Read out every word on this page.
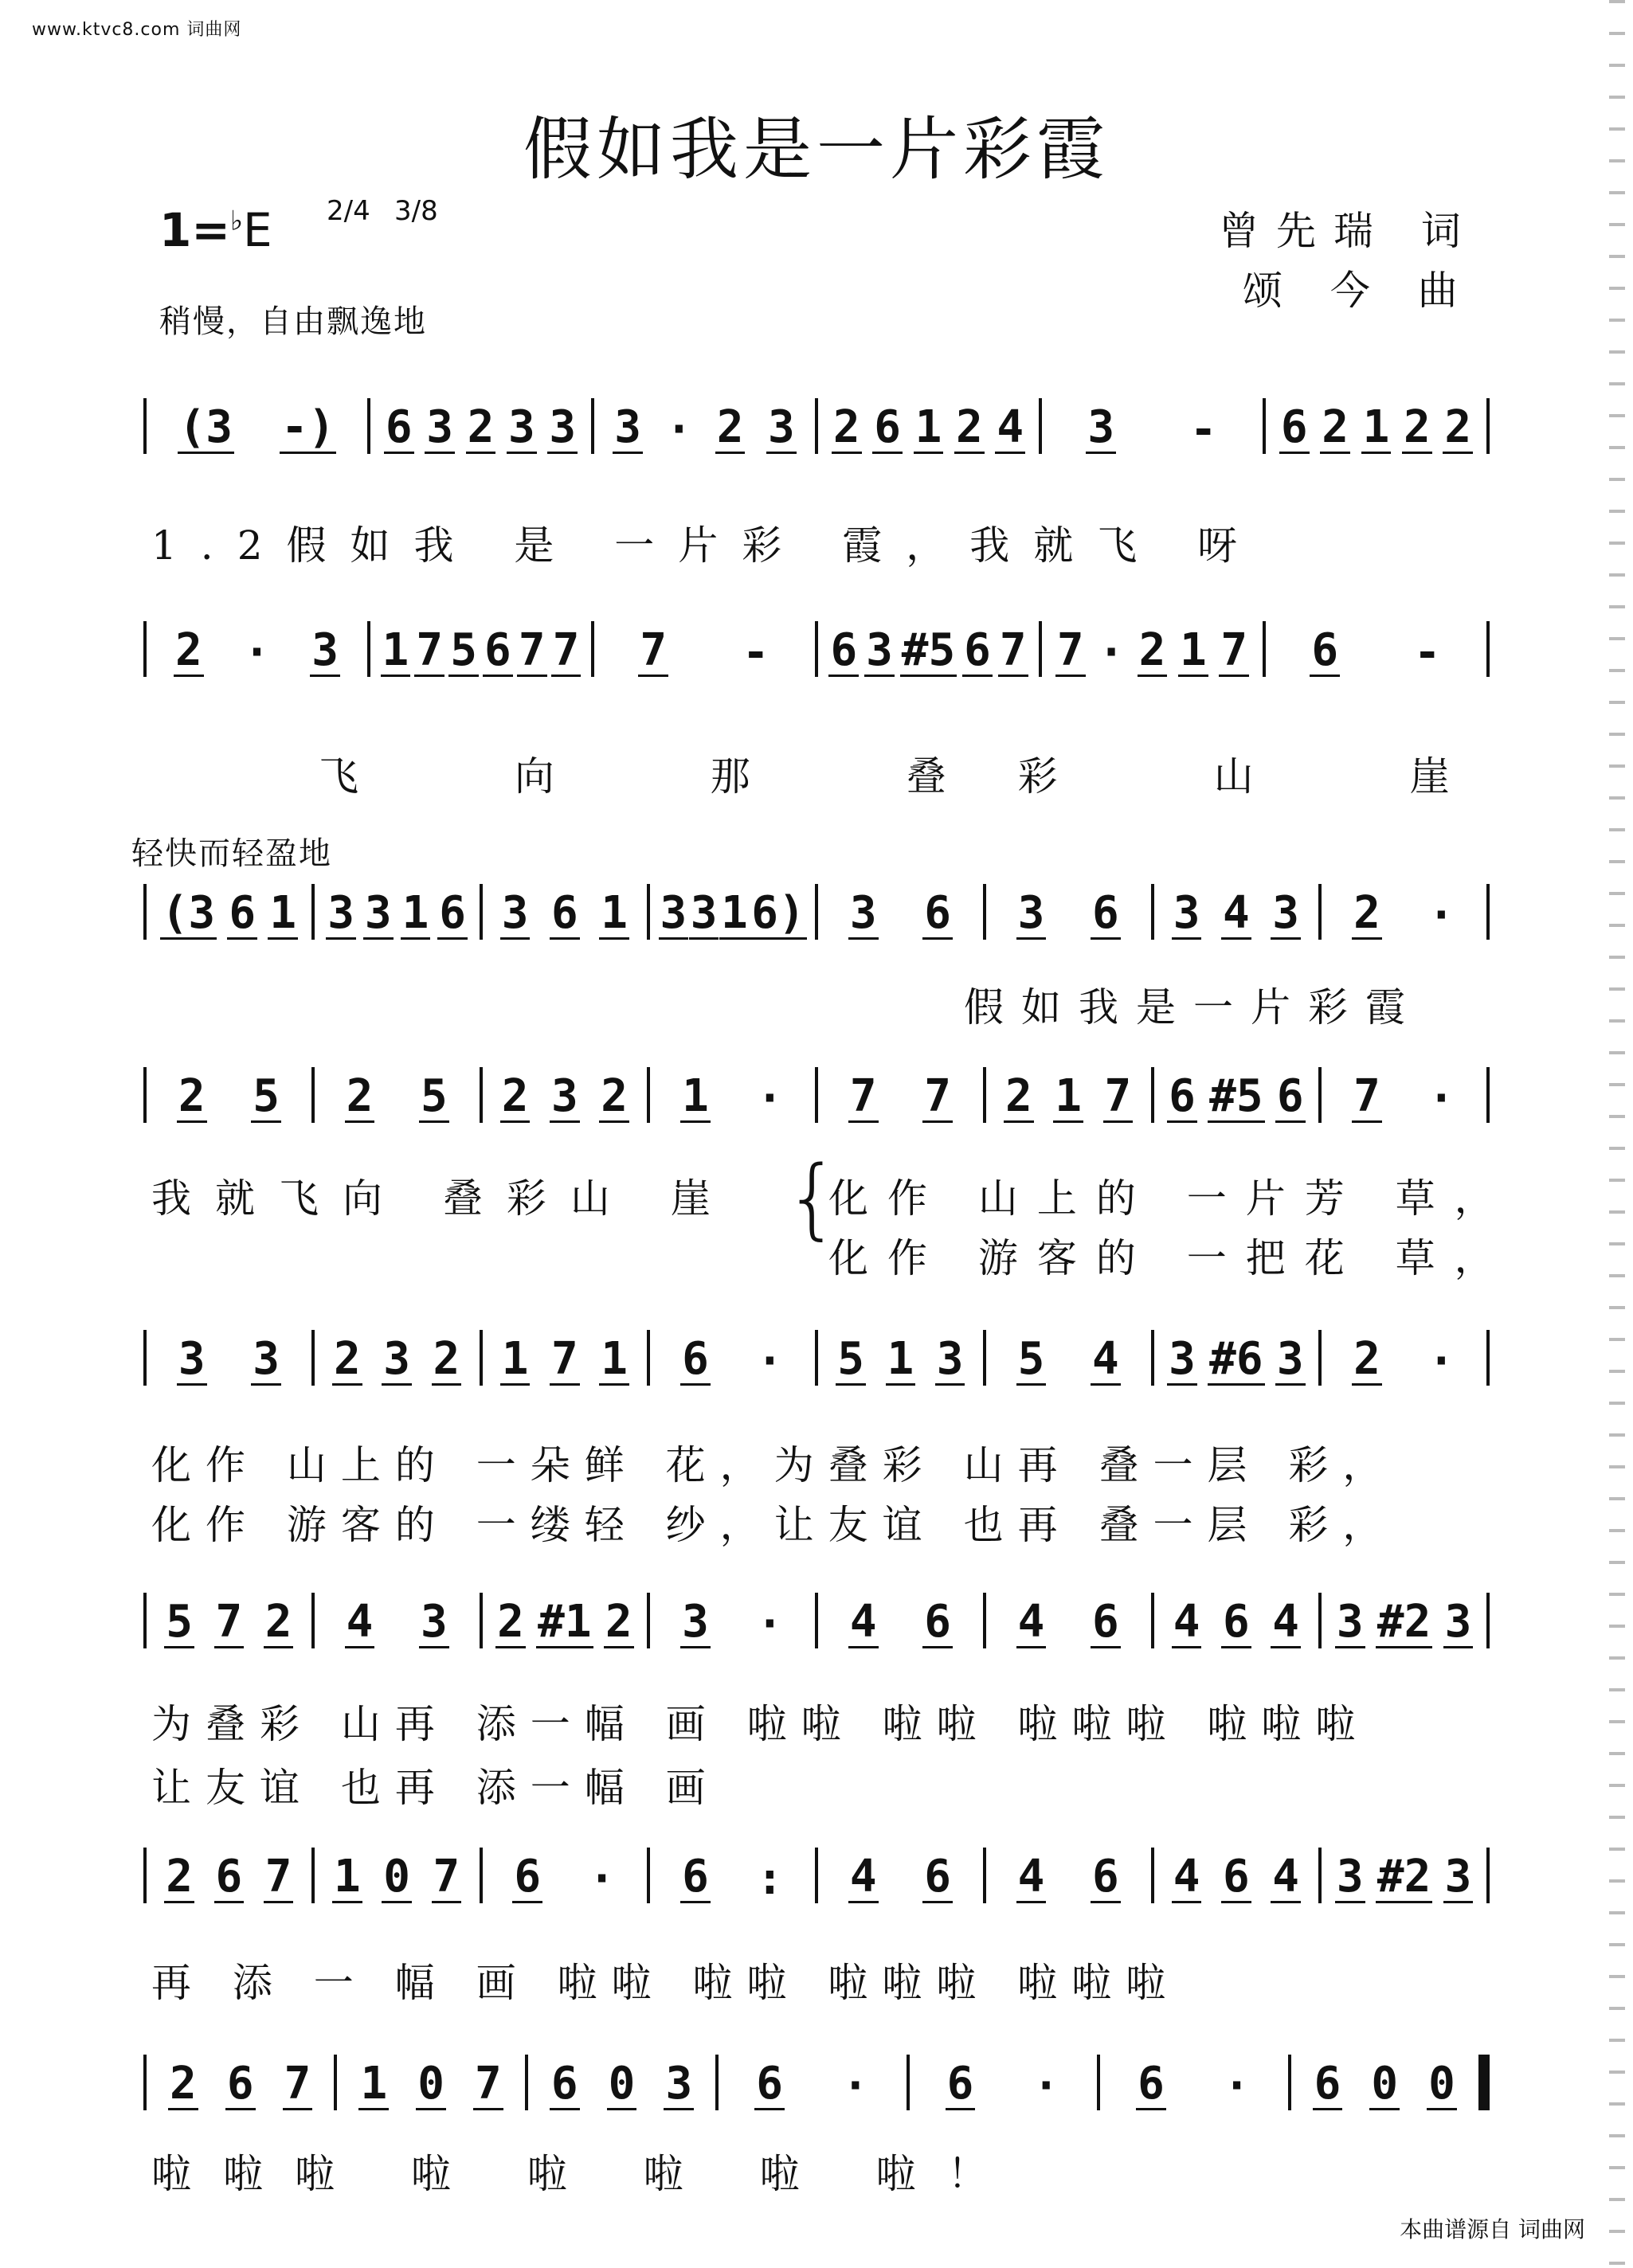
www.ktvc8.com 词曲网
假如我是一片彩霞
曾先瑞 词
颂 今 曲
1=♭E 2/4 3/8
稍慢，自由飘逸地
轻快而轻盈地
(3 -) 6 3 2 3 3 3 · 2 3 2 6 1 2 4 3 - 6 2 1 2 2
2 · 3 1 7 5 6 7 7 7 - 6 3 #5 6 7 7 · 2 1 7 6 -
(3 6 1 3 3 1 6 3 6 1 3 3 1 6) 3 6 3 6 3 4 3 2 ·
2 5 2 5 2 3 2 1 · 7 7 2 1 7 6 #5 6 7 ·
3 3 2 3 2 1 7 1 6 · 5 1 3 5 4 3 #6 3 2 ·
5 7 2 4 3 2 #1 2 3 · 4 6 4 6 4 6 4 3 #2 3
2 6 7 1 0 7 6 · 6 : 4 6 4 6 4 6 4 3 #2 3
2 6 7 1 0 7 6 0 3 6 · 6 · 6 · 6 0 0
1.2假如我 是 一片彩 霞，我就飞 呀
飞 向 那 叠彩 山 崖
假如我是一片彩霞
我就飞向 叠彩山 崖 {
化作 山上的 一片芳 草，
化作 游客的 一把花 草，
化作 山上的 一朵鲜 花，为叠彩 山再 叠一层 彩，
化作 游客的 一缕轻 纱，让友谊 也再 叠一层 彩，
为叠彩 山再 添一幅 画 啦啦 啦啦 啦啦啦 啦啦啦
让友谊 也再 添一幅 画
再 添 一 幅 画 啦啦 啦啦 啦啦啦 啦啦啦
啦啦啦 啦 啦 啦 啦 啦！
本曲谱源自 词曲网
